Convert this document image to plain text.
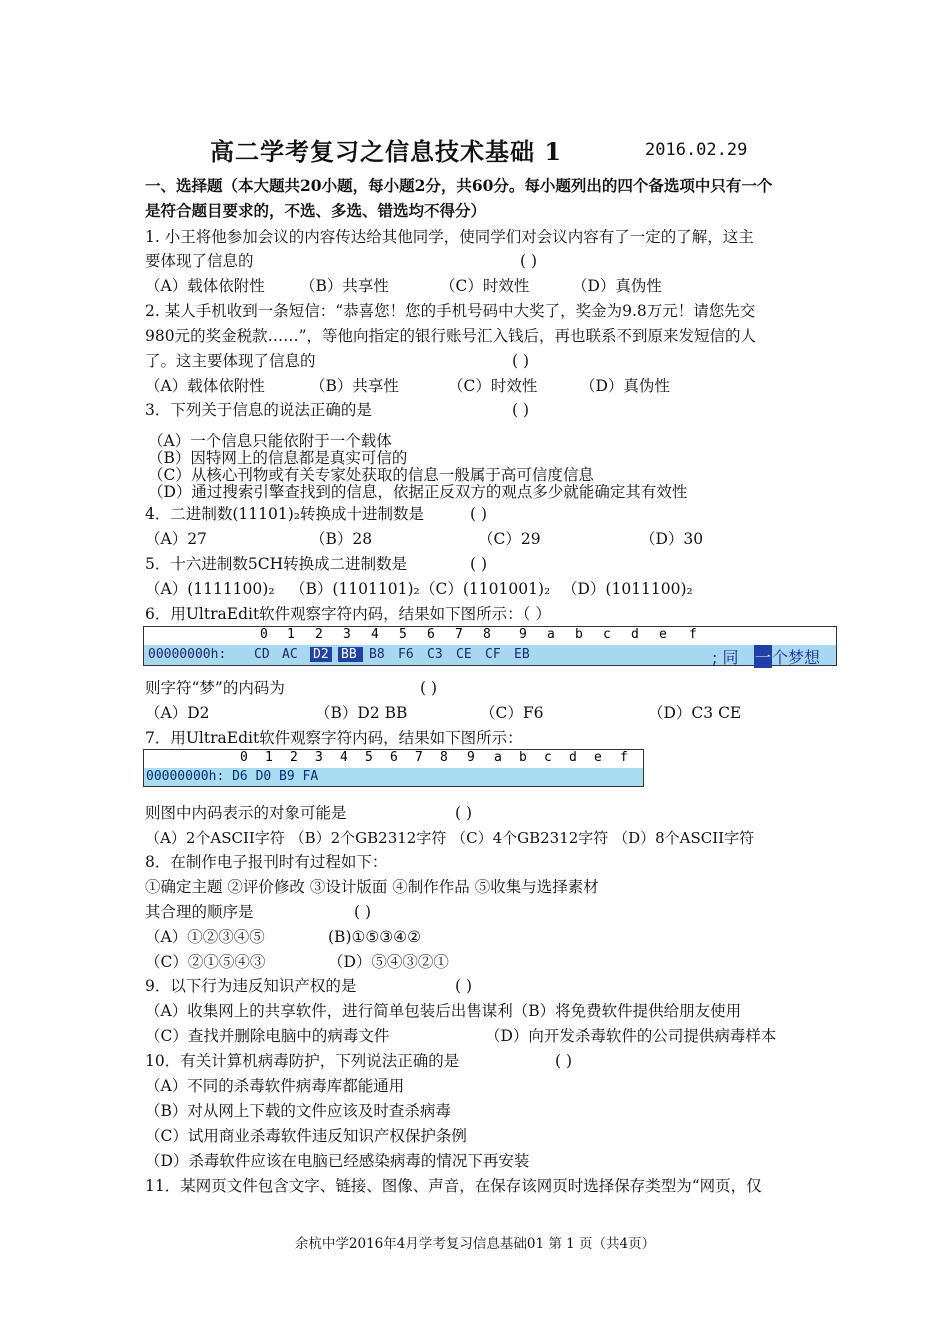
高二学考复习之信息技术基础 1	2016.02.29
一、选择题（本大题共20小题，每小题2分，共60分。每小题列出的四个备选项中只有一个
是符合题目要求的，不选、多选、错选均不得分）
1. 小王将他参加会议的内容传达给其他同学，使同学们对会议内容有了一定的了解，这主
要体现了信息的	( )
（A）载体依附性 （B）共享性	（C）时效性	（D）真伪性
2. 某人手机收到一条短信：“恭喜您！您的手机号码中大奖了，奖金为9.8万元！请您先交
980元的奖金税款……”，等他向指定的银行账号汇入钱后，再也联系不到原来发短信的人
了。这主要体现了信息的	( )
（A）载体依附性	（B）共享性	（C）时效性	（D）真伪性
3．下列关于信息的说法正确的是	( )
（A）一个信息只能依附于一个载体
（B）因特网上的信息都是真实可信的
（C）从核心刊物或有关专家处获取的信息一般属于高可信度信息
（D）通过搜索引擎查找到的信息，依据正反双方的观点多少就能确定其有效性
4．二进制数(11101)₂转换成十进制数是	( )
（A）27	（B）28	（C）29	（D）30
5．十六进制数5CH转换成二进制数是	( )
（A）(1111100)₂ （B）(1101101)₂ （C）(1101001)₂ （D）(1011100)₂
6．用UltraEdit软件观察字符内码，结果如下图所示：（ ）
0 1 2 3 4 5 6 7 8 9 a b c d e f
00000000h: CD AC D2 BB B8 F6 C3 CE CF EB	; 同 一 个梦想
则字符“梦”的内码为	( )
（A）D2	（B）D2 BB	（C）F6	（D）C3 CE
7．用UltraEdit软件观察字符内码，结果如下图所示：
0 1 2 3 4 5 6 7 8 9 a b c d e f
00000000h: D6 D0 B9 FA
则图中内码表示的对象可能是	( )
（A）2个ASCII字符 （B）2个GB2312字符 （C）4个GB2312字符 （D）8个ASCII字符
8．在制作电子报刊时有过程如下：
①确定主题 ②评价修改 ③设计版面 ④制作作品 ⑤收集与选择素材
其合理的顺序是	( )
（A）①②③④⑤	(B)①⑤③④②
（C）②①⑤④③	（D）⑤④③②①
9．以下行为违反知识产权的是	( )
（A）收集网上的共享软件，进行简单包装后出售谋利（B）将免费软件提供给朋友使用
（C）查找并删除电脑中的病毒文件	（D）向开发杀毒软件的公司提供病毒样本
10．有关计算机病毒防护，下列说法正确的是	( )
（A）不同的杀毒软件病毒库都能通用
（B）对从网上下载的文件应该及时查杀病毒
（C）试用商业杀毒软件违反知识产权保护条例
（D）杀毒软件应该在电脑已经感染病毒的情况下再安装
11．某网页文件包含文字、链接、图像、声音，在保存该网页时选择保存类型为“网页，仅
余杭中学2016年4月学考复习信息基础01 第 1 页（共4页）
